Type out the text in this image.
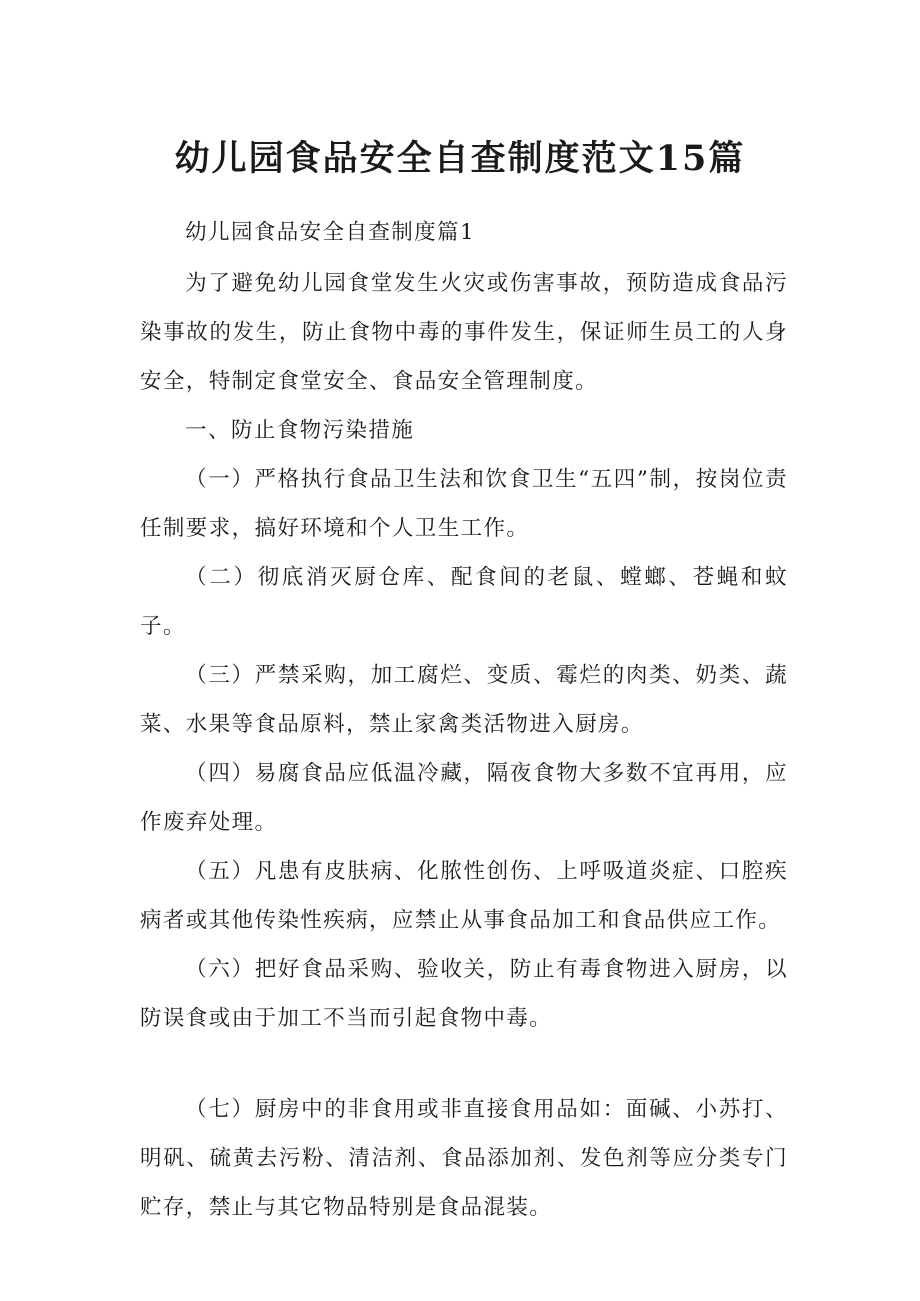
幼儿园食品安全自查制度范文15篇

幼儿园食品安全自查制度篇1

为了避免幼儿园食堂发生火灾或伤害事故，预防造成食品污染事故的发生，防止食物中毒的事件发生，保证师生员工的人身安全，特制定食堂安全、食品安全管理制度。

一、防止食物污染措施

（一）严格执行食品卫生法和饮食卫生“五四”制，按岗位责任制要求，搞好环境和个人卫生工作。

（二）彻底消灭厨仓库、配食间的老鼠、螳螂、苍蝇和蚊子。

（三）严禁采购，加工腐烂、变质、霉烂的肉类、奶类、蔬菜、水果等食品原料，禁止家禽类活物进入厨房。

（四）易腐食品应低温冷藏，隔夜食物大多数不宜再用，应作废弃处理。

（五）凡患有皮肤病、化脓性创伤、上呼吸道炎症、口腔疾病者或其他传染性疾病，应禁止从事食品加工和食品供应工作。

（六）把好食品采购、验收关，防止有毒食物进入厨房，以防误食或由于加工不当而引起食物中毒。

（七）厨房中的非食用或非直接食用品如：面碱、小苏打、明矾、硫黄去污粉、清洁剂、食品添加剂、发色剂等应分类专门贮存，禁止与其它物品特别是食品混装。
